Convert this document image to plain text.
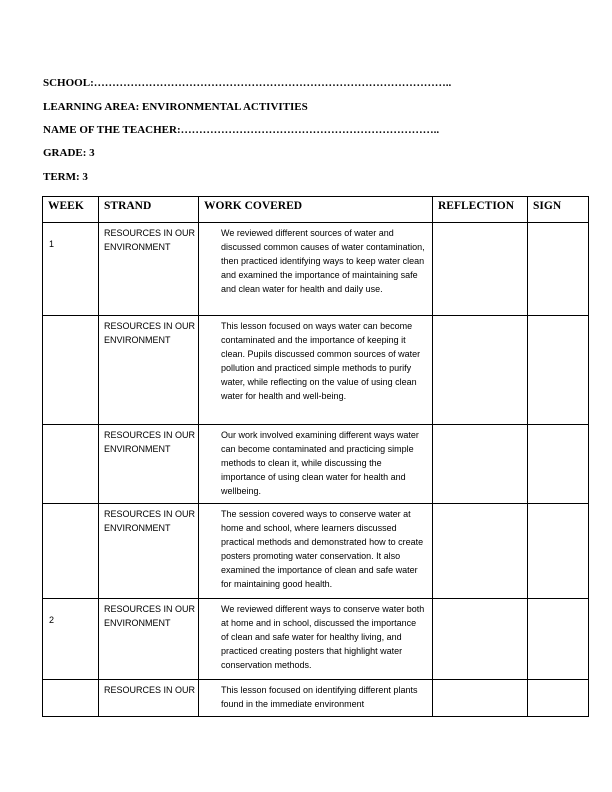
SCHOOL:……………………………………………………………………………………..
LEARNING AREA: ENVIRONMENTAL ACTIVITIES
NAME OF THE TEACHER:……………………………………………………………..
GRADE: 3
TERM: 3
WEEK	STRAND	WORK COVERED	REFLECTION	SIGN

1	RESOURCES IN OUR ENVIRONMENT	We reviewed different sources of water and discussed common causes of water contamination, then practiced identifying ways to keep water clean and examined the importance of maintaining safe and clean water for health and daily use.		

	RESOURCES IN OUR ENVIRONMENT	This lesson focused on ways water can become contaminated and the importance of keeping it clean. Pupils discussed common sources of water pollution and practiced simple methods to purify water, while reflecting on the value of using clean water for health and well-being.		

	RESOURCES IN OUR ENVIRONMENT	Our work involved examining different ways water can become contaminated and practicing simple methods to clean it, while discussing the importance of using clean water for health and wellbeing.		

	RESOURCES IN OUR ENVIRONMENT	The session covered ways to conserve water at home and school, where learners discussed practical methods and demonstrated how to create posters promoting water conservation. It also examined the importance of clean and safe water for maintaining good health.		

2	RESOURCES IN OUR ENVIRONMENT	We reviewed different ways to conserve water both at home and in school, discussed the importance of clean and safe water for healthy living, and practiced creating posters that highlight water conservation methods.		

	RESOURCES IN OUR	This lesson focused on identifying different plants found in the immediate environment		
